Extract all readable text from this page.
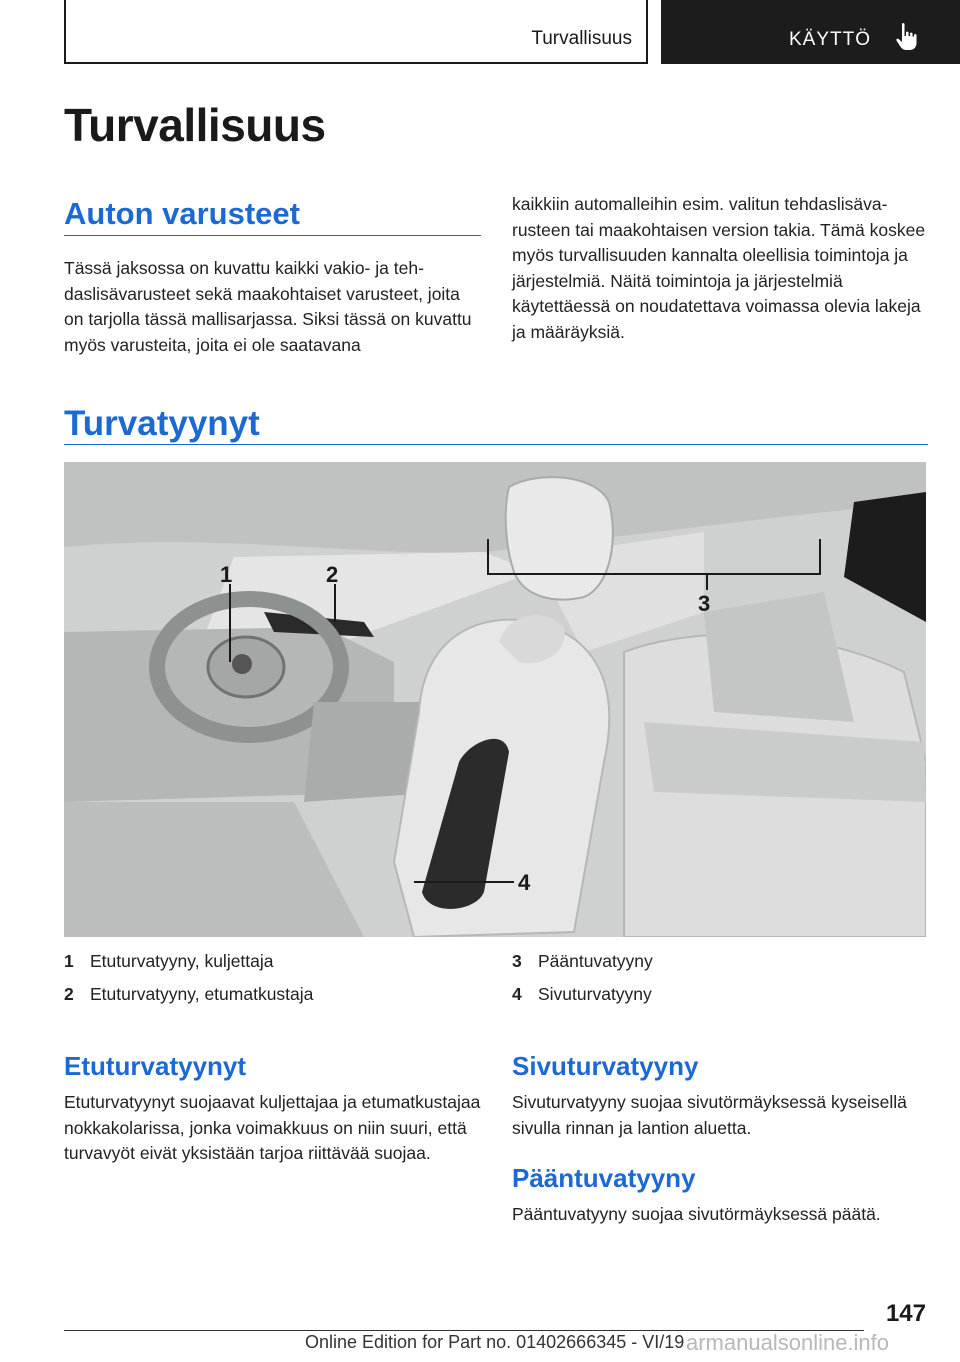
Turvallisuus	KÄYTTÖ
Turvallisuus
Auton varusteet

Tässä jaksossa on kuvattu kaikki vakio- ja tehdaslisävarusteet sekä maakohtaiset varusteet, joita on tarjolla tässä mallisarjassa. Siksi tässä on kuvattu myös varusteita, joita ei ole saatavana

kaikkiin automalleihin esim. valitun tehdaslisävarusteen tai maakohtaisen version takia. Tämä koskee myös turvallisuuden kannalta oleellisia toimintoja ja järjestelmiä. Näitä toimintoja ja järjestelmiä käytettäessä on noudatettava voimassa olevia lakeja ja määräyksiä.

Turvatyynyt
1	2
3
4
1 Etuturvatyyny, kuljettaja
2 Etuturvatyyny, etumatkustaja
3 Pääntuvatyyny
4 Sivuturvatyyny
Etuturvatyynyt

Etuturvatyynyt suojaavat kuljettajaa ja etumatkustajaa nokkakolarissa, jonka voimakkuus on niin suuri, että turvavyöt eivät yksistään tarjoa riittävää suojaa.

Sivuturvatyyny

Sivuturvatyyny suojaa sivutörmäyksessä kyseisellä sivulla rinnan ja lantion aluetta.

Pääntuvatyyny

Pääntuvatyyny suojaa sivutörmäyksessä päätä.

147
Online Edition for Part no. 01402666345 - VI/19 armanualsonline.info
